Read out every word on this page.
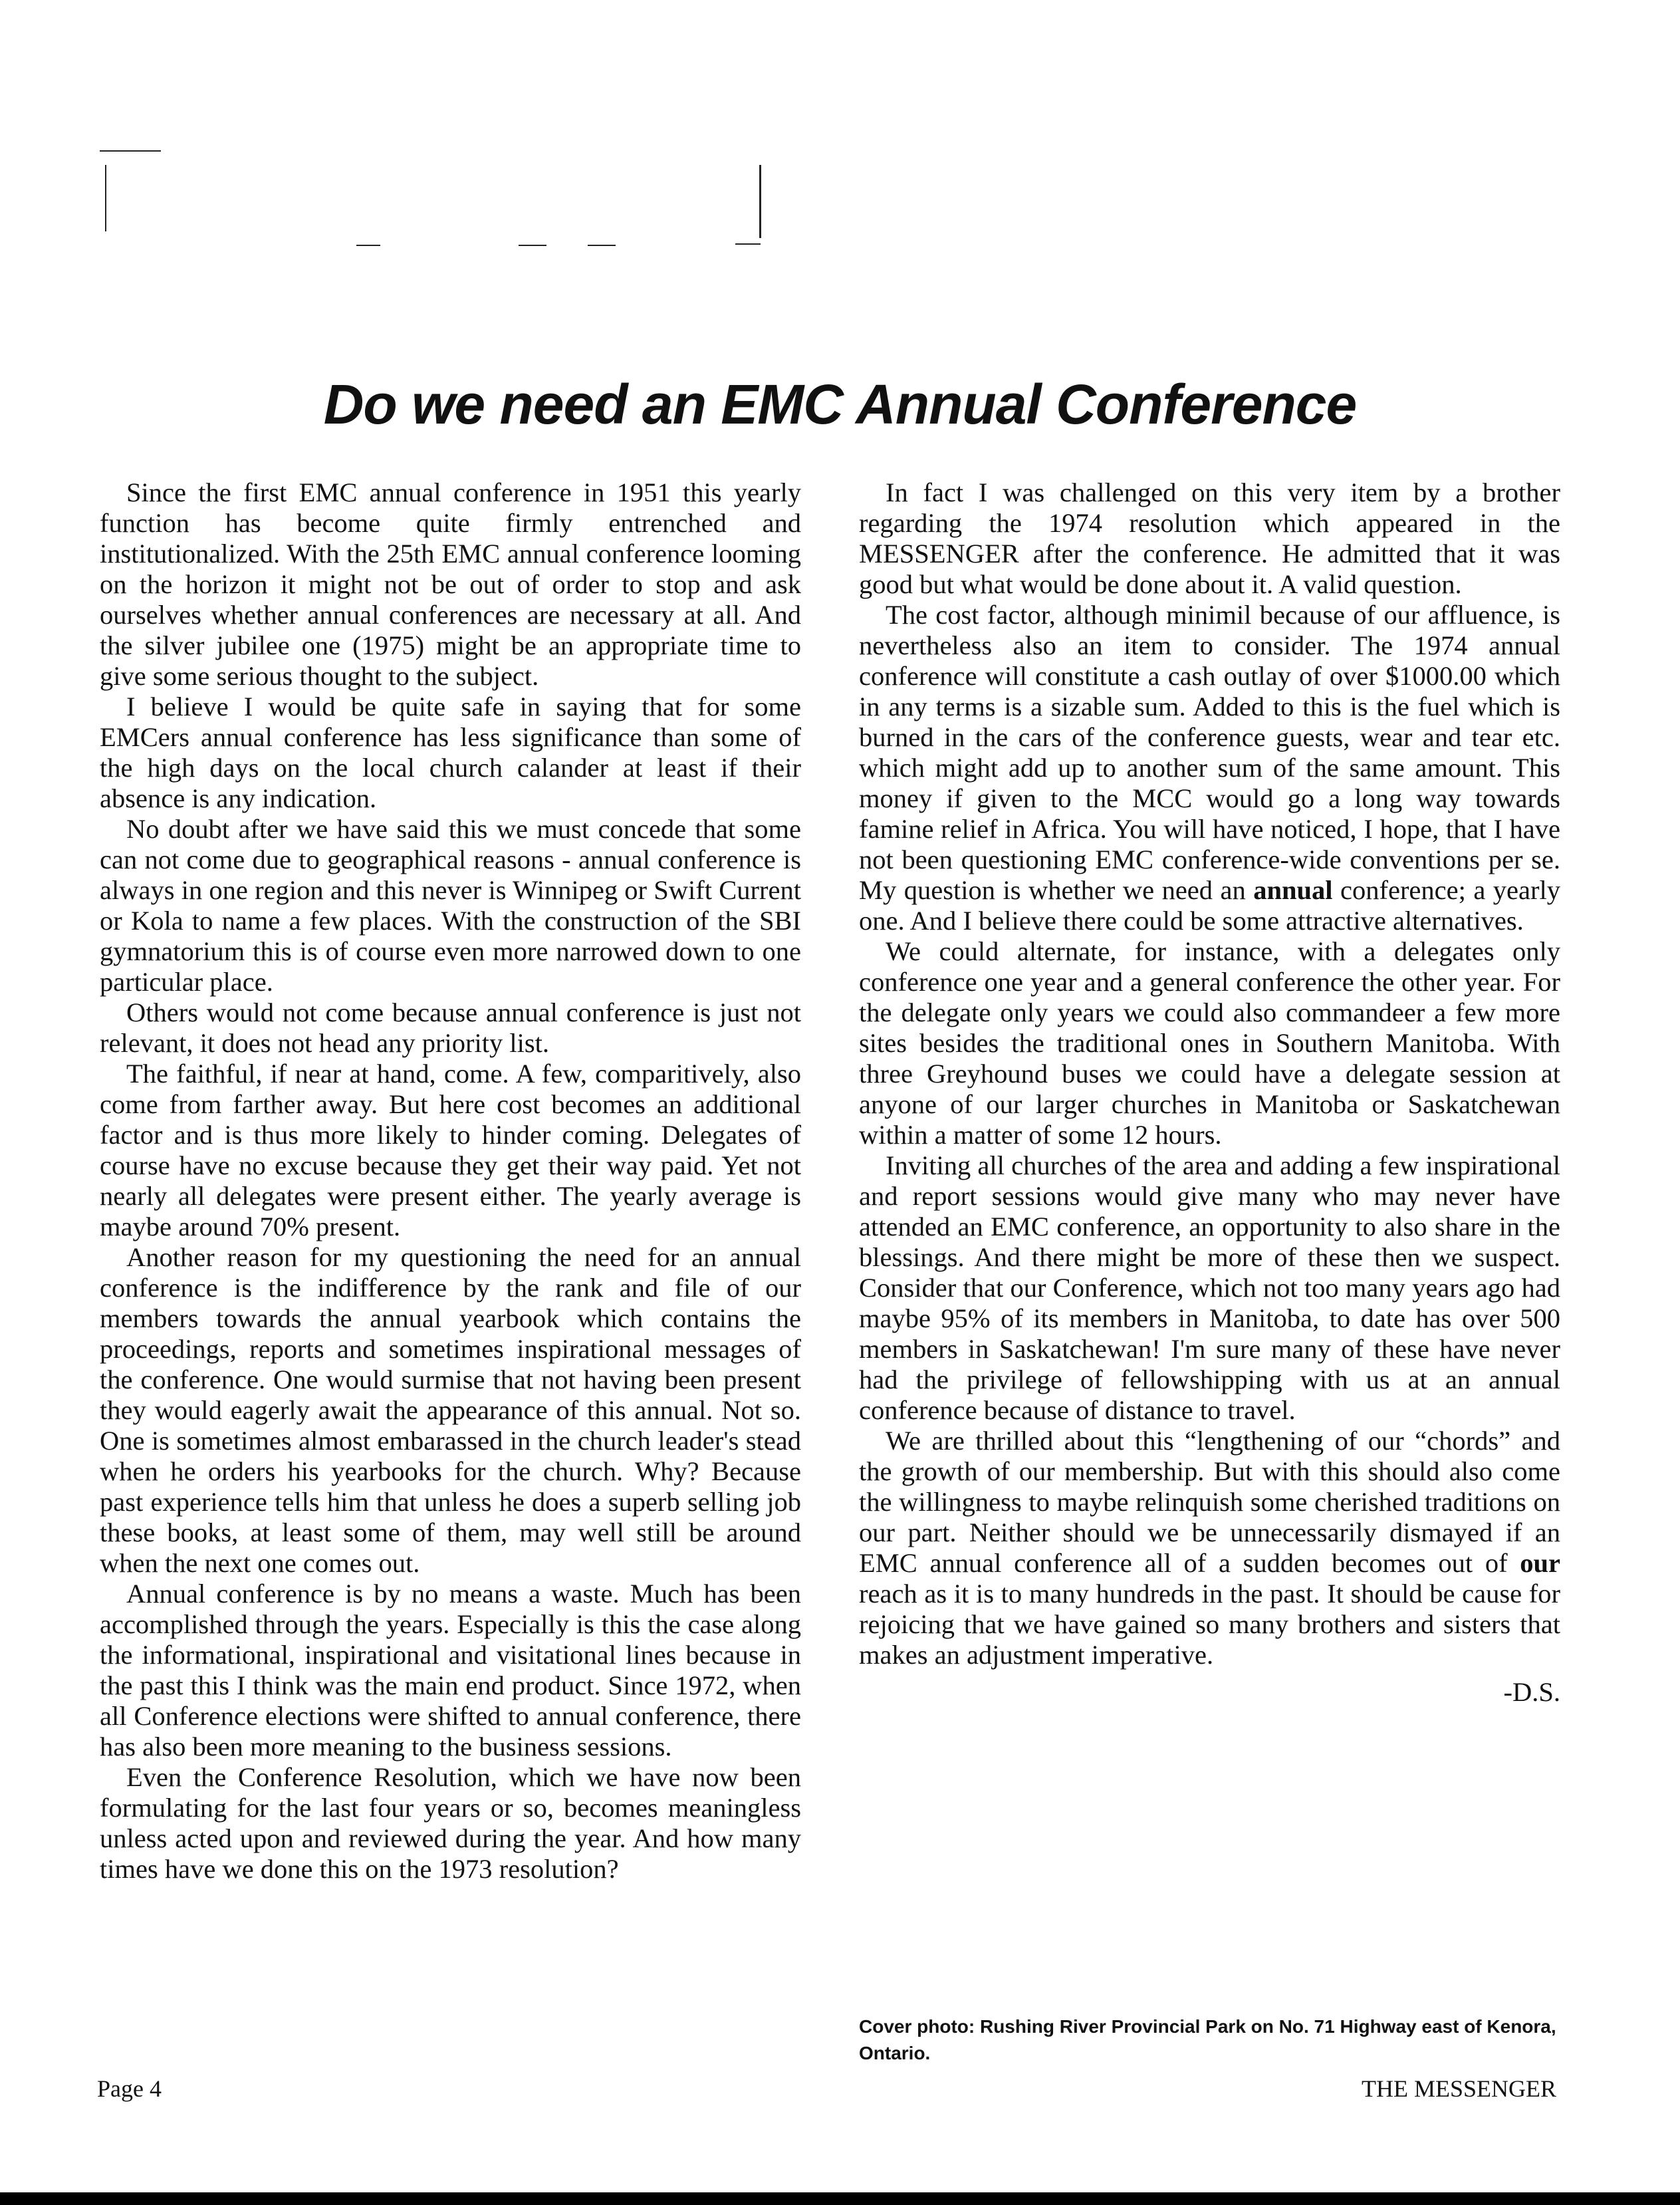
Do we need an EMC Annual Conference

Since the first EMC annual conference in 1951 this yearly function has become quite firmly entrenched and institutionalized. With the 25th EMC annual conference looming on the horizon it might not be out of order to stop and ask ourselves whether annual conferences are necessary at all. And the silver jubilee one (1975) might be an appropriate time to give some serious thought to the subject.

I believe I would be quite safe in saying that for some EMCers annual conference has less significance than some of the high days on the local church calander at least if their absence is any indication.

No doubt after we have said this we must concede that some can not come due to geographical reasons - annual conference is always in one region and this never is Winnipeg or Swift Current or Kola to name a few places. With the construction of the SBI gymnatorium this is of course even more narrowed down to one particular place.

Others would not come because annual conference is just not relevant, it does not head any priority list.

The faithful, if near at hand, come. A few, comparitively, also come from farther away. But here cost becomes an additional factor and is thus more likely to hinder coming. Delegates of course have no excuse because they get their way paid. Yet not nearly all delegates were present either. The yearly average is maybe around 70% present.

Another reason for my questioning the need for an annual conference is the indifference by the rank and file of our members towards the annual yearbook which contains the proceedings, reports and sometimes inspirational messages of the conference. One would surmise that not having been present they would eagerly await the appearance of this annual. Not so. One is sometimes almost embarassed in the church leader's stead when he orders his yearbooks for the church. Why? Because past experience tells him that unless he does a superb selling job these books, at least some of them, may well still be around when the next one comes out.

Annual conference is by no means a waste. Much has been accomplished through the years. Especially is this the case along the informational, inspirational and visitational lines because in the past this I think was the main end product. Since 1972, when all Conference elections were shifted to annual conference, there has also been more meaning to the business sessions.

Even the Conference Resolution, which we have now been formulating for the last four years or so, becomes meaningless unless acted upon and reviewed during the year. And how many times have we done this on the 1973 resolution?

In fact I was challenged on this very item by a brother regarding the 1974 resolution which appeared in the MESSENGER after the conference. He admitted that it was good but what would be done about it. A valid question.

The cost factor, although minimil because of our affluence, is nevertheless also an item to consider. The 1974 annual conference will constitute a cash outlay of over $1000.00 which in any terms is a sizable sum. Added to this is the fuel which is burned in the cars of the conference guests, wear and tear etc. which might add up to another sum of the same amount. This money if given to the MCC would go a long way towards famine relief in Africa. You will have noticed, I hope, that I have not been questioning EMC conference-wide conventions per se. My question is whether we need an annual conference; a yearly one. And I believe there could be some attractive alternatives.

We could alternate, for instance, with a delegates only conference one year and a general conference the other year. For the delegate only years we could also commandeer a few more sites besides the traditional ones in Southern Manitoba. With three Greyhound buses we could have a delegate session at anyone of our larger churches in Manitoba or Saskatchewan within a matter of some 12 hours.

Inviting all churches of the area and adding a few inspirational and report sessions would give many who may never have attended an EMC conference, an opportunity to also share in the blessings. And there might be more of these then we suspect. Consider that our Conference, which not too many years ago had maybe 95% of its members in Manitoba, to date has over 500 members in Saskatchewan! I'm sure many of these have never had the privilege of fellowshipping with us at an annual conference because of distance to travel.

We are thrilled about this “lengthening of our “chords” and the growth of our membership. But with this should also come the willingness to maybe relinquish some cherished traditions on our part. Neither should we be unnecessarily dismayed if an EMC annual conference all of a sudden becomes out of our reach as it is to many hundreds in the past. It should be cause for rejoicing that we have gained so many brothers and sisters that makes an adjustment imperative.

-D.S.

Cover photo: Rushing River Provincial Park on No. 71 Highway east of Kenora, Ontario.

Page 4	THE MESSENGER
